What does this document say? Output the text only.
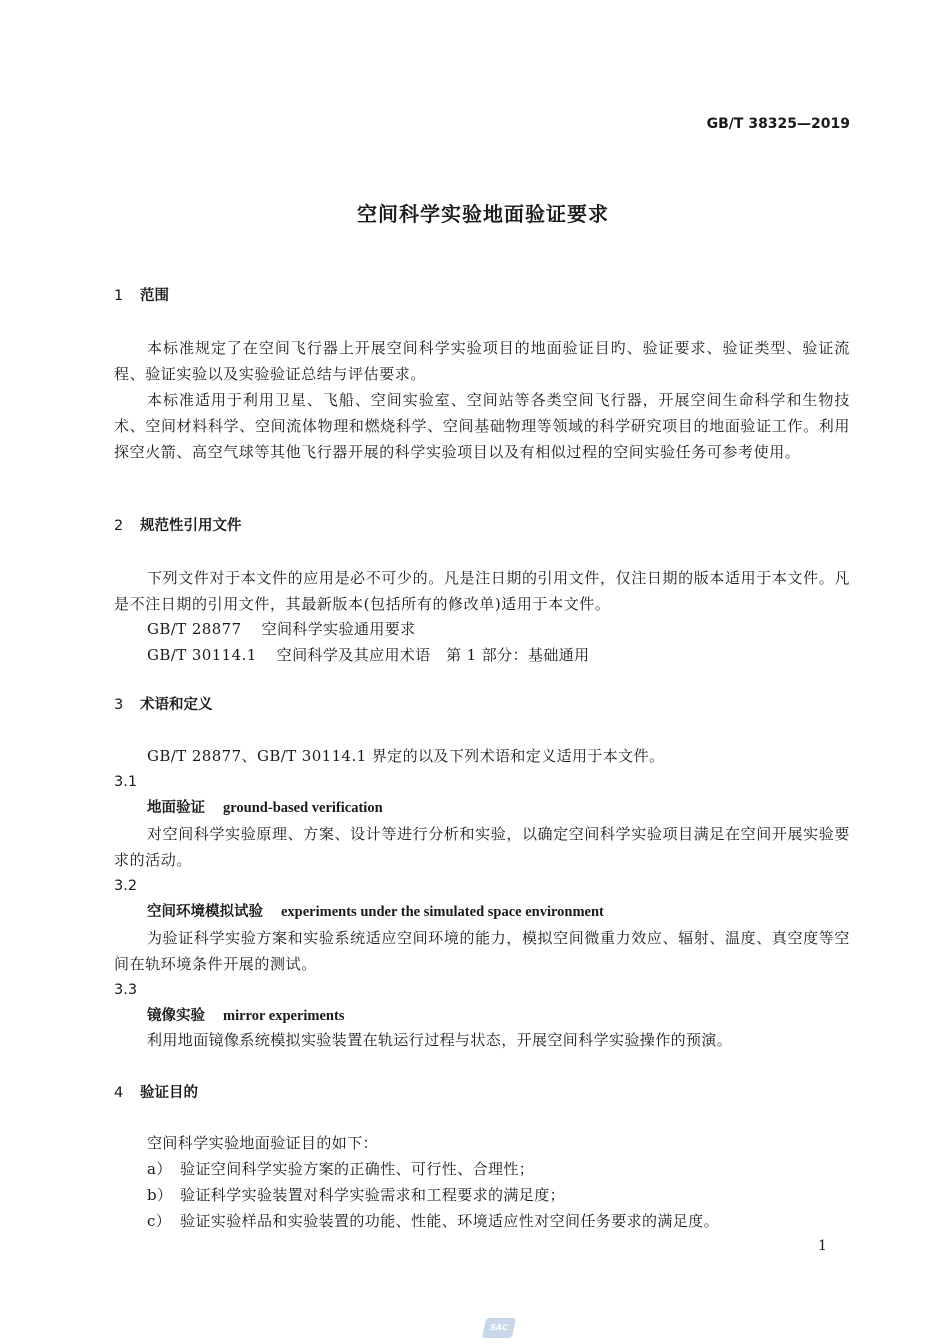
GB/T 38325—2019
空间科学实验地面验证要求
1 范围
本标准规定了在空间飞行器上开展空间科学实验项目的地面验证目旳、验证要求、验证类型、验证流程、验证实验以及实验验证总结与评估要求。
本标准适用于利用卫星、飞船、空间实验室、空间站等各类空间飞行器，开展空间生命科学和生物技术、空间材料科学、空间流体物理和燃烧科学、空间基础物理等领域的科学研究项目的地面验证工作。利用探空火箭、高空气球等其他飞行器开展的科学实验项目以及有相似过程的空间实验任务可参考使用。
2 规范性引用文件
下列文件对于本文件的应用是必不可少的。凡是注日期的引用文件，仅注日期的版本适用于本文件。凡是不注日期的引用文件，其最新版本(包括所有的修改单)适用于本文件。
GB/T 28877 空间科学实验通用要求
GB/T 30114.1 空间科学及其应用术语　第 1 部分：基础通用
3 术语和定义
GB/T 28877、GB/T 30114.1 界定的以及下列术语和定义适用于本文件。
3.1
地面验证 ground-based verification
对空间科学实验原理、方案、设计等进行分析和实验，以确定空间科学实验项目满足在空间开展实验要求的活动。
3.2
空间环境模拟试验 experiments under the simulated space environment
为验证科学实验方案和实验系统适应空间环境的能力，模拟空间微重力效应、辐射、温度、真空度等空间在轨环境条件开展的测试。
3.3
镜像实验 mirror experiments
利用地面镜像系统模拟实验装置在轨运行过程与状态，开展空间科学实验操作的预演。
4 验证目的
空间科学实验地面验证目的如下：
a） 验证空间科学实验方案的正确性、可行性、合理性；
b） 验证科学实验装置对科学实验需求和工程要求的满足度；
c） 验证实验样品和实验装置的功能、性能、环境适应性对空间任务要求的满足度。
1
SAC
